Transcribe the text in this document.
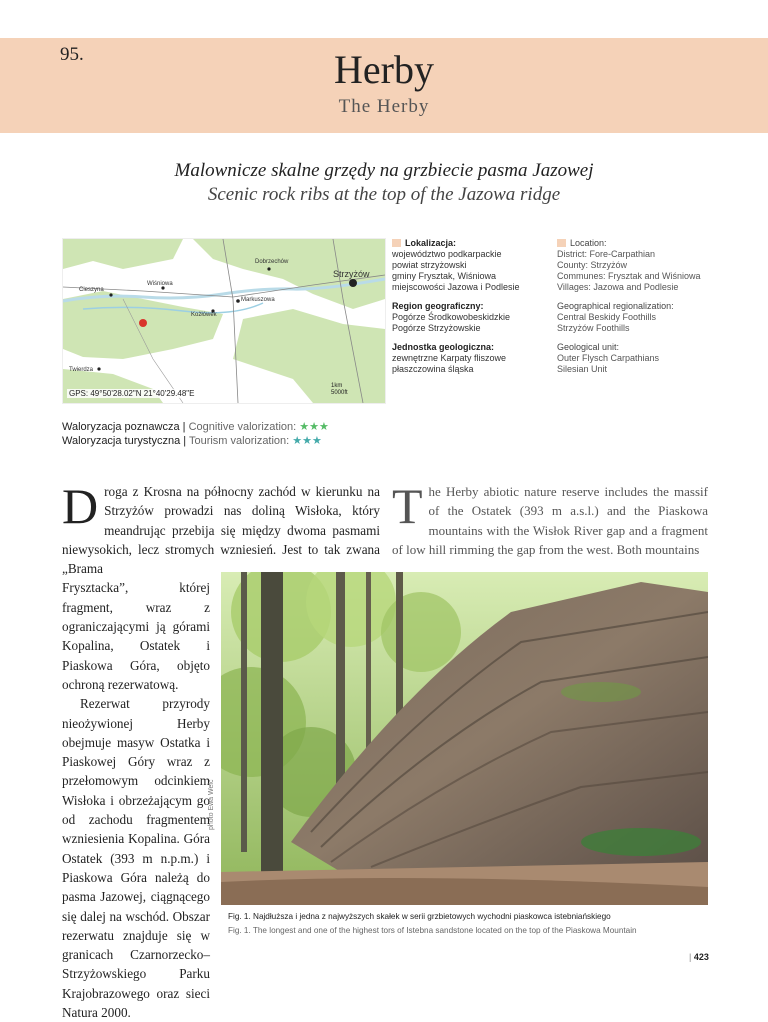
95.	Herby
The Herby
Malownicze skalne grzędy na grzbiecie pasma Jazowej
Scenic rock ribs at the top of the Jazowa ridge
Dobrzechów
Strzyżów
Wiśniowa
Cieszyna
Markuszowa
Kożłówek
Twierdza
1km
5000ft
GPS: 49°50'28.02"N 21°40'29.48"E
Lokalizacja:
województwo podkarpackie
powiat strzyżowski
gminy Frysztak, Wiśniowa
miejscowości Jazowa i Podlesie
Region geograficzny:
Pogórze Środkowobeskidzkie
Pogórze Strzyżowskie
Jednostka geologiczna:
zewnętrzne Karpaty fliszowe
płaszczowina śląska
Location:
District: Fore-Carpathian
County: Strzyżów
Communes: Frysztak and Wiśniowa
Villages: Jazowa and Podlesie
Geographical regionalization:
Central Beskidy Foothills
Strzyżów Foothills
Geological unit:
Outer Flysch Carpathians
Silesian Unit
Waloryzacja poznawcza | Cognitive valorization: ★★★
Waloryzacja turystyczna | Tourism valorization: ★★★

Droga z Krosna na północny zachód w kierunku na Strzyżów prowadzi nas doliną Wisłoka, który meandrując przebija się między dwoma pasmami niewysokich, lecz stromych wzniesień. Jest to tak zwana „Brama

Frysztacka”, której fragment, wraz z ograniczającymi ją górami Kopalina, Ostatek i Piaskowa Góra, objęto ochroną rezerwatową.

Rezerwat przyrody nieożywionej Herby obejmuje masyw Ostatka i Piaskowej Góry wraz z przełomowym odcinkiem Wisłoka i obrzeżającym go od zachodu fragmentem wzniesienia Kopalina. Góra Ostatek (393 m n.p.m.) i Piaskowa Góra należą do pasma Jazowej, ciągnącego się dalej na wschód. Obszar rezerwatu znajduje się w granicach Czarnorzecko–Strzyżowskiego Parku Krajobrazowego oraz sieci Natura 2000.

The Herby abiotic nature reserve includes the massif of the Ostatek (393 m a.s.l.) and the Piaskowa mountains with the Wisłok River gap and a fragment of low hill rimming the gap from the west. Both mountains
photo Ewa Welc
Fig. 1. Najdłuższa i jedna z najwyższych skałek w serii grzbietowych wychodni piaskowca istebniańskiego
Fig. 1. The longest and one of the highest tors of Istebna sandstone located on the top of the Piaskowa Mountain
| 423
